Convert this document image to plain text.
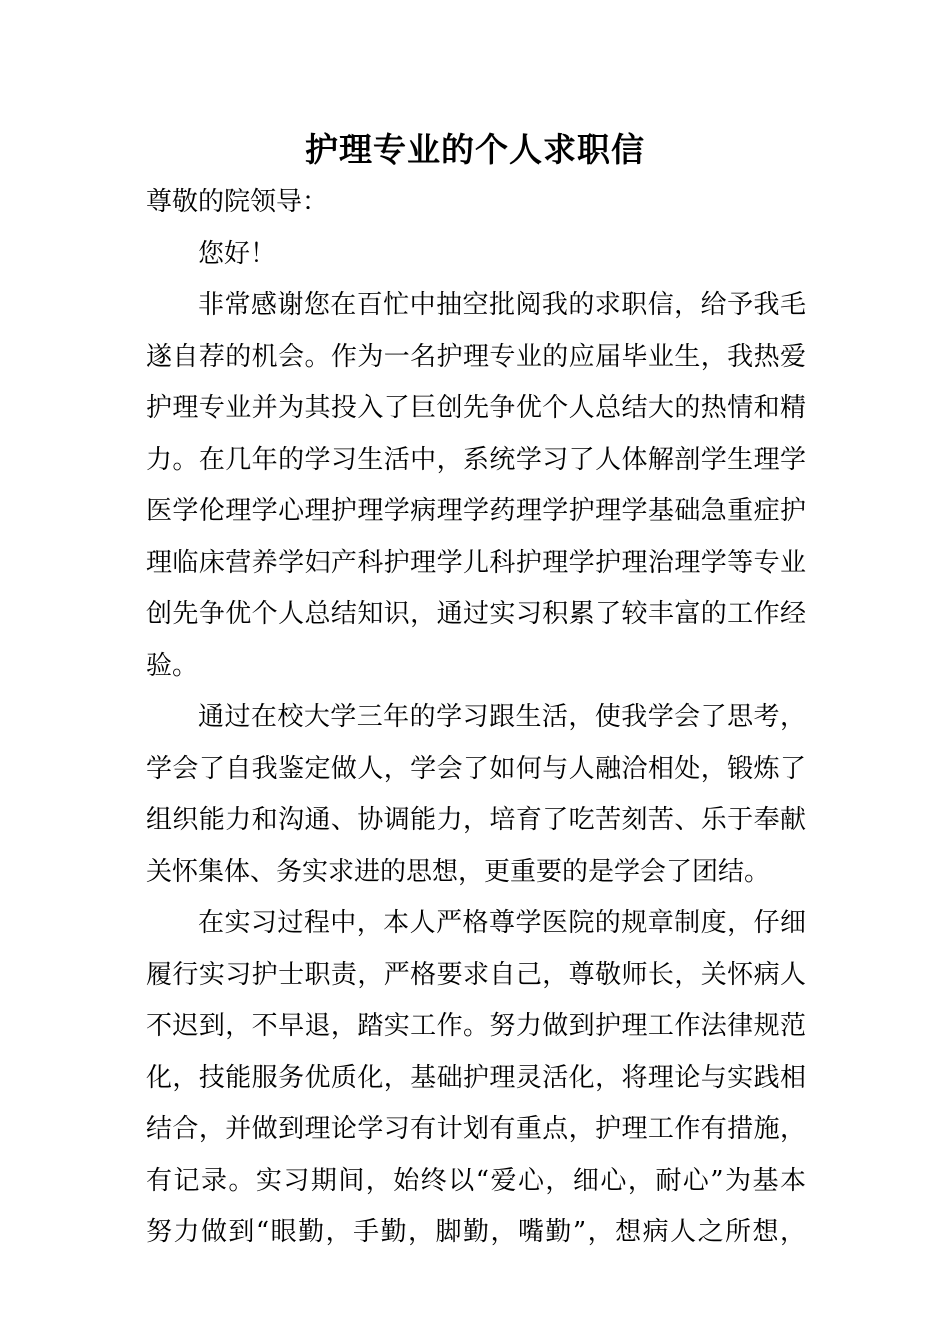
护理专业的个人求职信
尊敬的院领导：
您好！
非常感谢您在百忙中抽空批阅我的求职信，给予我毛
遂自荐的机会。作为一名护理专业的应届毕业生，我热爱
护理专业并为其投入了巨创先争优个人总结大的热情和精
力。在几年的学习生活中，系统学习了人体解剖学生理学
医学伦理学心理护理学病理学药理学护理学基础急重症护
理临床营养学妇产科护理学儿科护理学护理治理学等专业
创先争优个人总结知识，通过实习积累了较丰富的工作经
验。
通过在校大学三年的学习跟生活，使我学会了思考，
学会了自我鉴定做人，学会了如何与人融洽相处，锻炼了
组织能力和沟通、协调能力，培育了吃苦刻苦、乐于奉献
关怀集体、务实求进的思想，更重要的是学会了团结。
在实习过程中，本人严格尊学医院的规章制度，仔细
履行实习护士职责，严格要求自己，尊敬师长，关怀病人
不迟到，不早退，踏实工作。努力做到护理工作法律规范
化，技能服务优质化，基础护理灵活化，将理论与实践相
结合，并做到理论学习有计划有重点，护理工作有措施，
有记录。实习期间，始终以“爱心，细心，耐心”为基本
努力做到“眼勤，手勤，脚勤，嘴勤”，想病人之所想，
